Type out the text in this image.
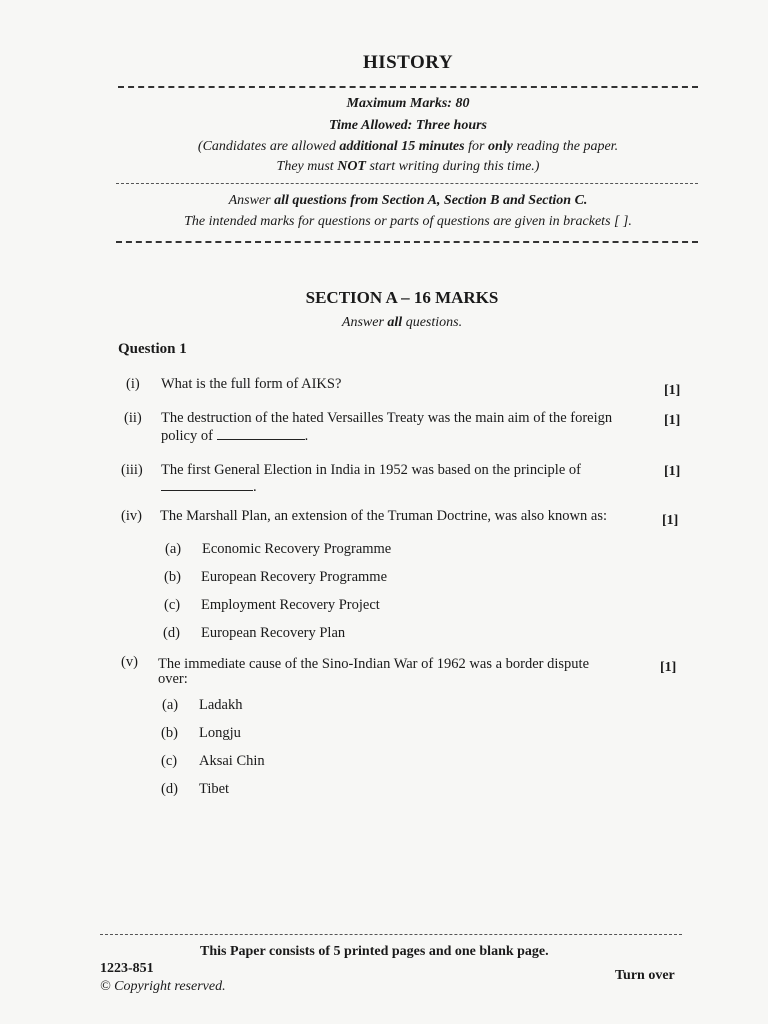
HISTORY
Maximum Marks: 80
Time Allowed: Three hours
(Candidates are allowed additional 15 minutes for only reading the paper.
They must NOT start writing during this time.)
Answer all questions from Section A, Section B and Section C.
The intended marks for questions or parts of questions are given in brackets [ ].
SECTION A – 16 MARKS
Answer all questions.
Question 1
(i) What is the full form of AIKS?	[1]
(ii) The destruction of the hated Versailles Treaty was the main aim of the foreign	[1]
policy of	.
(iii) The first General Election in India in 1952 was based on the principle of	[1]
.
(iv) The Marshall Plan, an extension of the Truman Doctrine, was also known as:	[1]
(a) Economic Recovery Programme
(b) European Recovery Programme
(c) Employment Recovery Project
(d) European Recovery Plan
(v) The immediate cause of the Sino-Indian War of 1962 was a border dispute	[1]
over:
(a) Ladakh
(b) Longju
(c) Aksai Chin
(d) Tibet
This Paper consists of 5 printed pages and one blank page.
1223-851
© Copyright reserved.
Turn over
